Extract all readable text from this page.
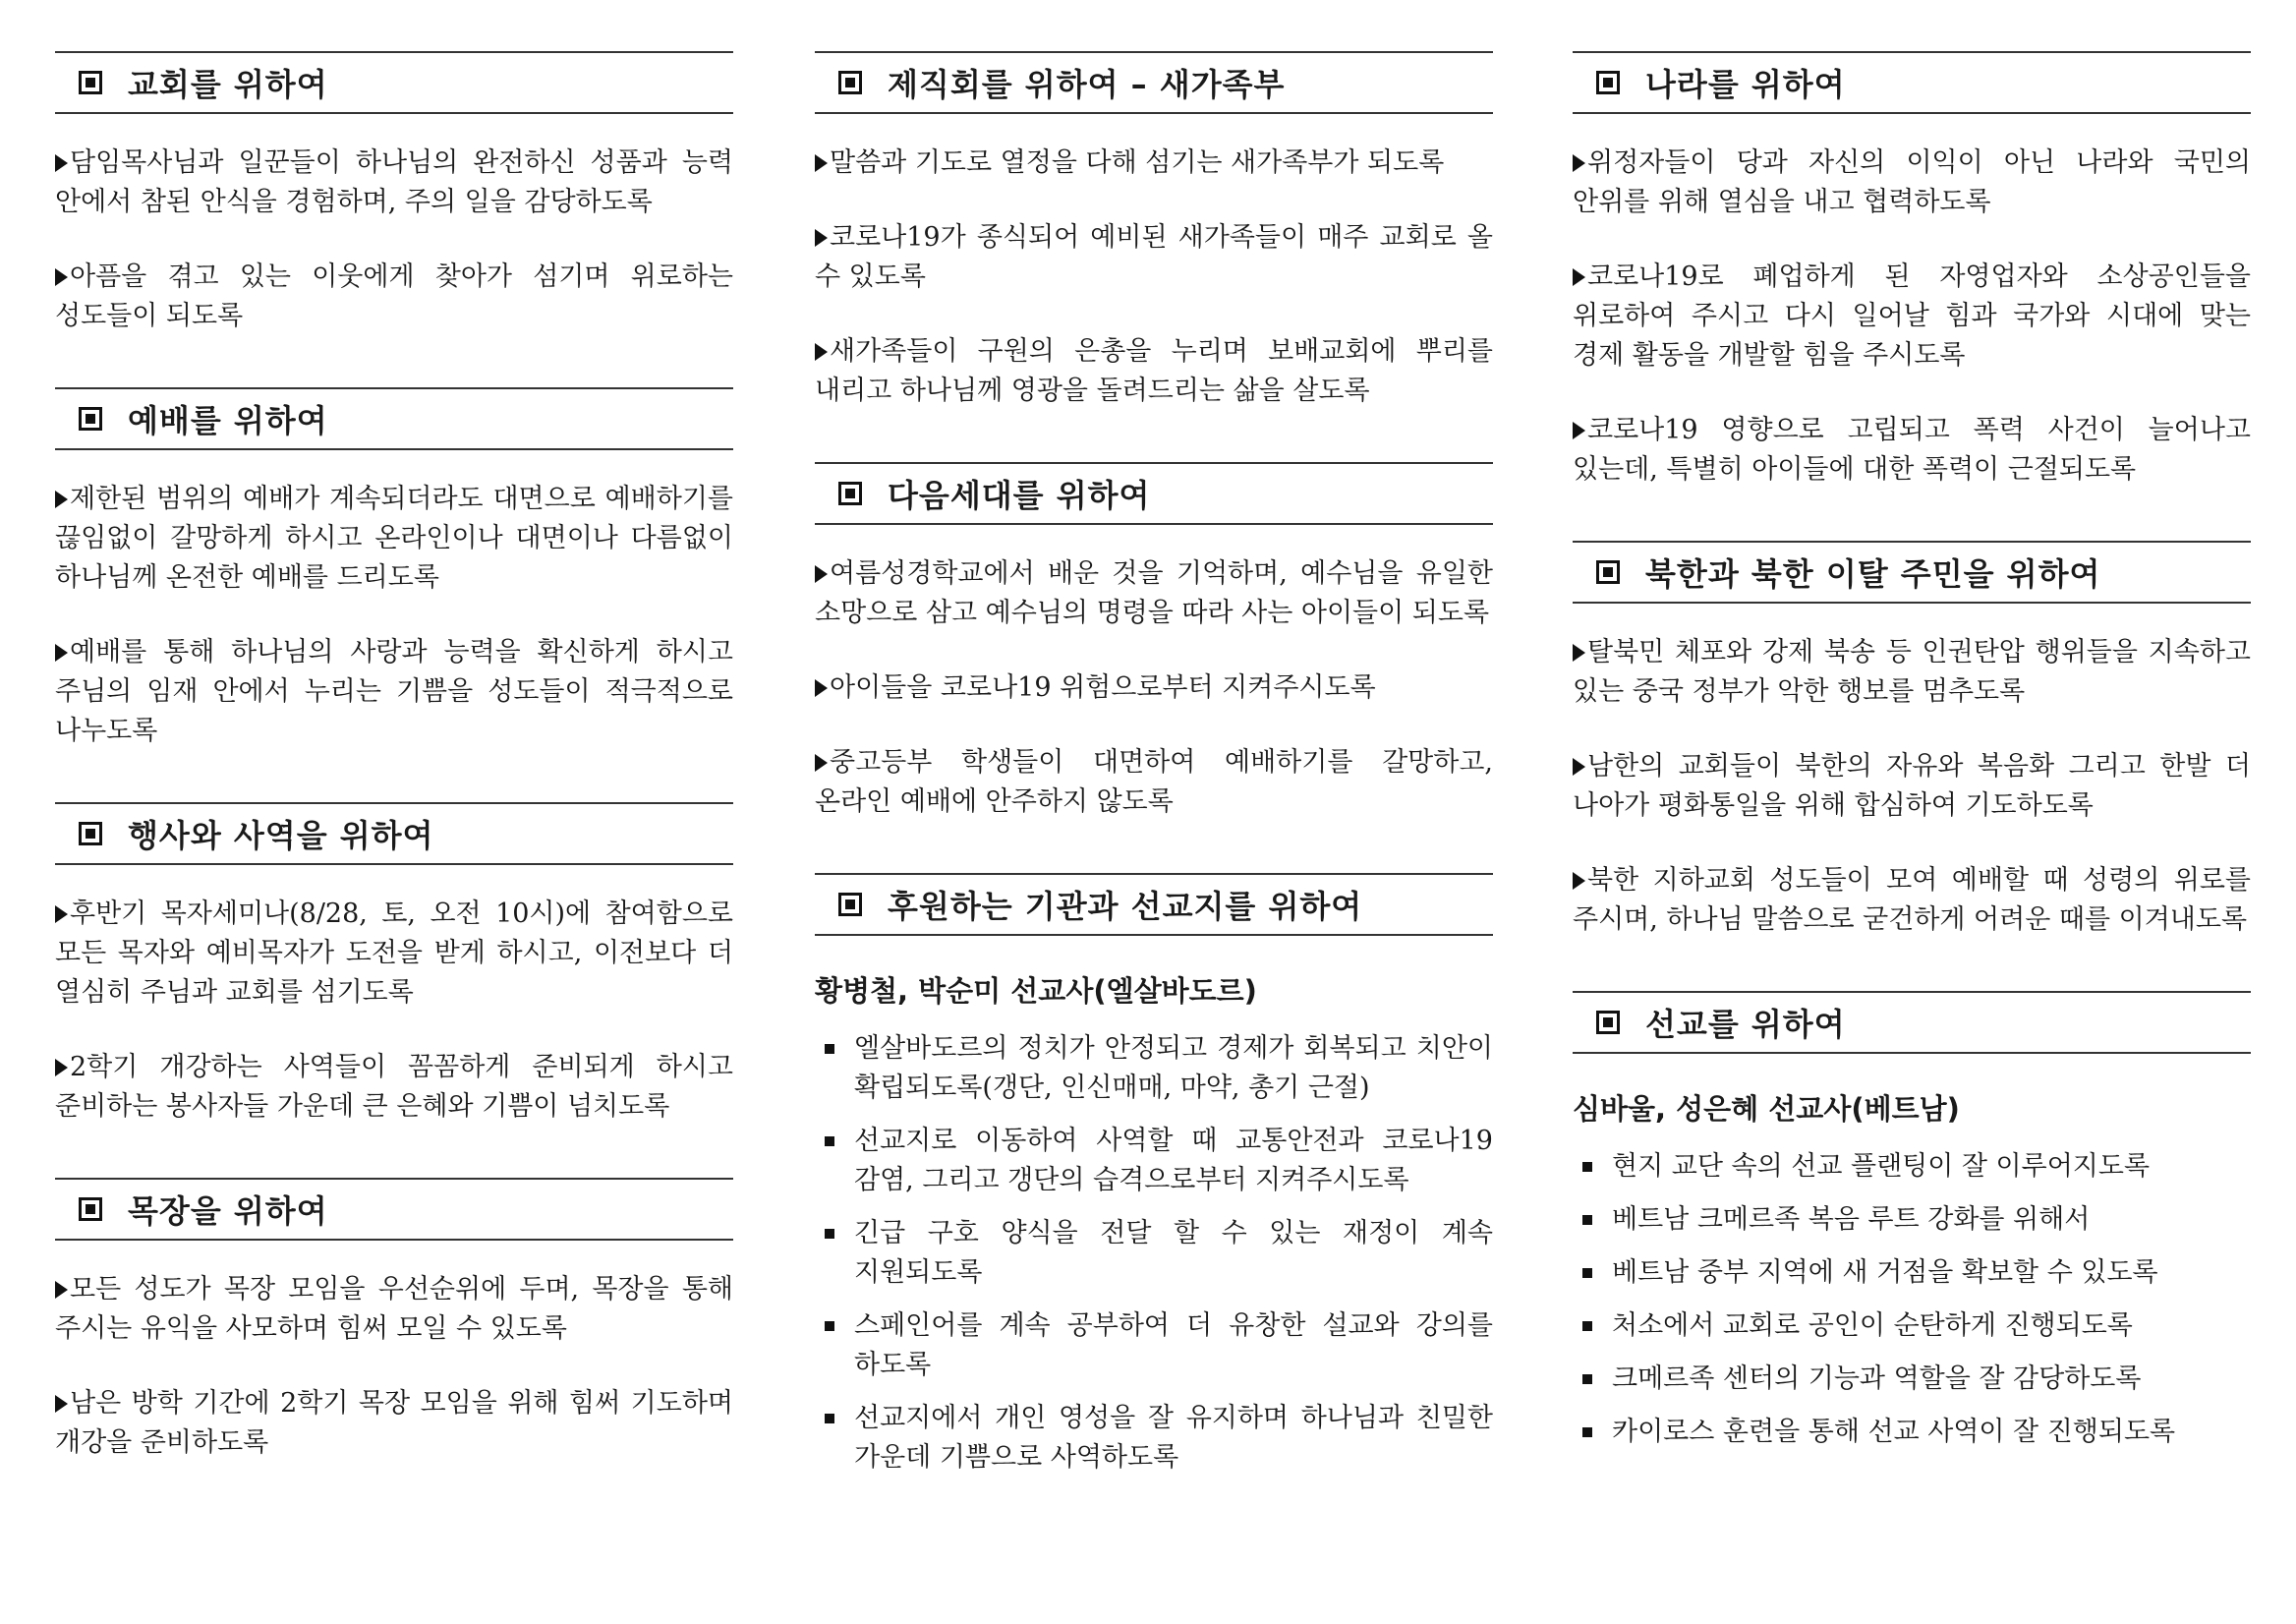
교회를 위하여
담임목사님과 일꾼들이 하나님의 완전하신 성품과 능력 안에서 참된 안식을 경험하며, 주의 일을 감당하도록
아픔을 겪고 있는 이웃에게 찾아가 섬기며 위로하는 성도들이 되도록
예배를 위하여
제한된 범위의 예배가 계속되더라도 대면으로 예배하기를 끊임없이 갈망하게 하시고 온라인이나 대면이나 다름없이 하나님께 온전한 예배를 드리도록
예배를 통해 하나님의 사랑과 능력을 확신하게 하시고 주님의 임재 안에서 누리는 기쁨을 성도들이 적극적으로 나누도록
행사와 사역을 위하여
후반기 목자세미나(8/28, 토, 오전 10시)에 참여함으로 모든 목자와 예비목자가 도전을 받게 하시고, 이전보다 더 열심히 주님과 교회를 섬기도록
2학기 개강하는 사역들이 꼼꼼하게 준비되게 하시고 준비하는 봉사자들 가운데 큰 은혜와 기쁨이 넘치도록
목장을 위하여
모든 성도가 목장 모임을 우선순위에 두며, 목장을 통해 주시는 유익을 사모하며 힘써 모일 수 있도록
남은 방학 기간에 2학기 목장 모임을 위해 힘써 기도하며 개강을 준비하도록
제직회를 위하여 – 새가족부
말씀과 기도로 열정을 다해 섬기는 새가족부가 되도록
코로나19가 종식되어 예비된 새가족들이 매주 교회로 올 수 있도록
새가족들이 구원의 은총을 누리며 보배교회에 뿌리를 내리고 하나님께 영광을 돌려드리는 삶을 살도록
다음세대를 위하여
여름성경학교에서 배운 것을 기억하며, 예수님을 유일한 소망으로 삼고 예수님의 명령을 따라 사는 아이들이 되도록
아이들을 코로나19 위험으로부터 지켜주시도록
중고등부 학생들이 대면하여 예배하기를 갈망하고, 온라인 예배에 안주하지 않도록
후원하는 기관과 선교지를 위하여
황병철, 박순미 선교사(엘살바도르)
엘살바도르의 정치가 안정되고 경제가 회복되고 치안이 확립되도록(갱단, 인신매매, 마약, 총기 근절)
선교지로 이동하여 사역할 때 교통안전과 코로나19 감염, 그리고 갱단의 습격으로부터 지켜주시도록
긴급 구호 양식을 전달 할 수 있는 재정이 계속 지원되도록
스페인어를 계속 공부하여 더 유창한 설교와 강의를 하도록
선교지에서 개인 영성을 잘 유지하며 하나님과 친밀한 가운데 기쁨으로 사역하도록
나라를 위하여
위정자들이 당과 자신의 이익이 아닌 나라와 국민의 안위를 위해 열심을 내고 협력하도록
코로나19로 폐업하게 된 자영업자와 소상공인들을 위로하여 주시고 다시 일어날 힘과 국가와 시대에 맞는 경제 활동을 개발할 힘을 주시도록
코로나19 영향으로 고립되고 폭력 사건이 늘어나고 있는데, 특별히 아이들에 대한 폭력이 근절되도록
북한과 북한 이탈 주민을 위하여
탈북민 체포와 강제 북송 등 인권탄압 행위들을 지속하고 있는 중국 정부가 악한 행보를 멈추도록
남한의 교회들이 북한의 자유와 복음화 그리고 한발 더 나아가 평화통일을 위해 합심하여 기도하도록
북한 지하교회 성도들이 모여 예배할 때 성령의 위로를 주시며, 하나님 말씀으로 굳건하게 어려운 때를 이겨내도록
선교를 위하여
심바울, 성은혜 선교사(베트남)
현지 교단 속의 선교 플랜팅이 잘 이루어지도록
베트남 크메르족 복음 루트 강화를 위해서
베트남 중부 지역에 새 거점을 확보할 수 있도록
처소에서 교회로 공인이 순탄하게 진행되도록
크메르족 센터의 기능과 역할을 잘 감당하도록
카이로스 훈련을 통해 선교 사역이 잘 진행되도록
